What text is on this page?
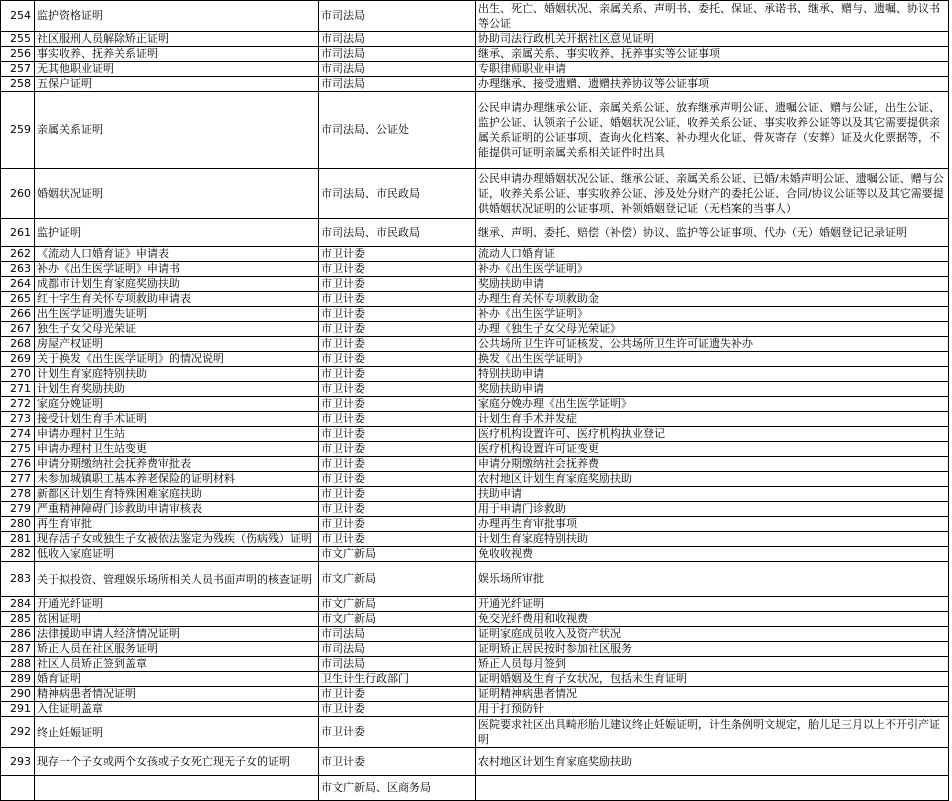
254	监护资格证明	市司法局	出生、死亡、婚姻状况、亲属关系、声明书、委托、保证、承诺书、继承、赠与、遗嘱、协议书等公证
255	社区服刑人员解除矫正证明	市司法局	协助司法行政机关开据社区意见证明
256	事实收养、抚养关系证明	市司法局	继承、亲属关系、事实收养、抚养事实等公证事项
257	无其他职业证明	市司法局	专职律师职业申请
258	五保户证明	市司法局	办理继承、接受遗赠、遗赠扶养协议等公证事项
259	亲属关系证明	市司法局、公证处	公民申请办理继承公证、亲属关系公证、放弃继承声明公证、遗嘱公证、赠与公证，出生公证、监护公证、认领亲子公证、婚姻状况公证、收养关系公证、事实收养公证等以及其它需要提供亲属关系证明的公证事项、查询火化档案、补办埋火化证、骨灰寄存（安葬）证及火化票据等，不能提供可证明亲属关系相关证件时出具
260	婚姻状况证明	市司法局、市民政局	公民申请办理婚姻状况公证、继承公证、亲属关系公证、已婚/未婚声明公证、遗嘱公证、赠与公证，收养关系公证、事实收养公证、涉及处分财产的委托公证、合同/协议公证等以及其它需要提供婚姻状况证明的公证事项、补领婚姻登记证（无档案的当事人）
261	监护证明	市司法局、市民政局	继承、声明、委托、赔偿（补偿）协议、监护等公证事项、代办（无）婚姻登记记录证明
262	《流动人口婚育证》申请表	市卫计委	流动人口婚育证
263	补办《出生医学证明》申请书	市卫计委	补办《出生医学证明》
264	成都市计划生育家庭奖励扶助	市卫计委	奖励扶助申请
265	红十字生育关怀专项救助申请表	市卫计委	办理生育关怀专项救助金
266	出生医学证明遗失证明	市卫计委	补办《出生医学证明》
267	独生子女父母光荣证	市卫计委	办理《独生子女父母光荣证》
268	房屋产权证明	市卫计委	公共场所卫生许可证核发、公共场所卫生许可证遗失补办
269	关于换发《出生医学证明》的情况说明	市卫计委	换发《出生医学证明》
270	计划生育家庭特别扶助	市卫计委	特别扶助申请
271	计划生育奖励扶助	市卫计委	奖励扶助申请
272	家庭分娩证明	市卫计委	家庭分娩办理《出生医学证明》
273	接受计划生育手术证明	市卫计委	计划生育手术并发症
274	申请办理村卫生站	市卫计委	医疗机构设置许可、医疗机构执业登记
275	申请办理村卫生站变更	市卫计委	医疗机构设置许可证变更
276	申请分期缴纳社会抚养费审批表	市卫计委	申请分期缴纳社会抚养费
277	未参加城镇职工基本养老保险的证明材料	市卫计委	农村地区计划生育家庭奖励扶助
278	新都区计划生育特殊困难家庭扶助	市卫计委	扶助申请
279	严重精神障碍门诊救助申请审核表	市卫计委	用于申请门诊救助
280	再生育审批	市卫计委	办理再生育审批事项
281	现存活子女或独生子女被依法鉴定为残疾（伤病残）证明	市卫计委	计划生育家庭特别扶助
282	低收入家庭证明	市文广新局	免收收视费
283	关于拟投资、管理娱乐场所相关人员书面声明的核查证明	市文广新局	娱乐场所审批
284	开通光纤证明	市文广新局	开通光纤证明
285	贫困证明	市文广新局	免交光纤费用和收视费
286	法律援助申请人经济情况证明	市司法局	证明家庭成员收入及资产状况
287	矫正人员在社区服务证明	市司法局	证明矫正居民按时参加社区服务
288	社区人员矫正签到盖章	市司法局	矫正人员每月签到
289	婚育证明	卫生计生行政部门	证明婚姻及生育子女状况，包括未生育证明
290	精神病患者情况证明	市卫计委	证明精神病患者情况
291	入住证明盖章	市卫计委	用于打预防针
292	终止妊娠证明	市卫计委	医院要求社区出具畸形胎儿建议终止妊娠证明，计生条例明文规定，胎儿足三月以上不开引产证明
293	现存一个子女或两个女孩或子女死亡现无子女的证明	市卫计委	农村地区计划生育家庭奖励扶助
		市文广新局、区商务局	
